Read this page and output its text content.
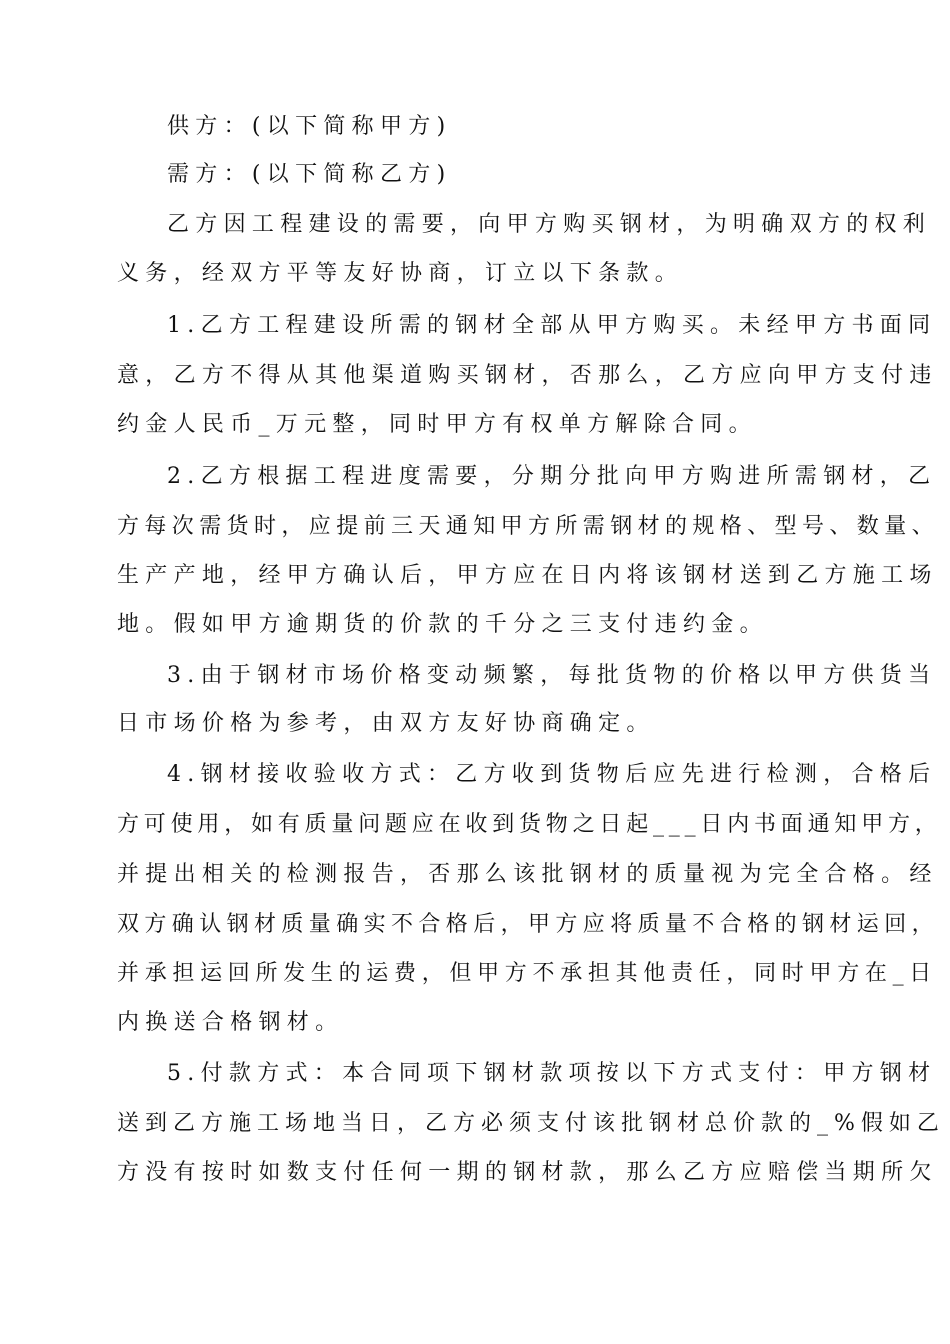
供方：(以下简称甲方)
需方：(以下简称乙方)
乙方因工程建设的需要，向甲方购买钢材，为明确双方的权利
义务，经双方平等友好协商，订立以下条款。
1.乙方工程建设所需的钢材全部从甲方购买。未经甲方书面同
意，乙方不得从其他渠道购买钢材，否那么，乙方应向甲方支付违
约金人民币_万元整，同时甲方有权单方解除合同。
2.乙方根据工程进度需要，分期分批向甲方购进所需钢材，乙
方每次需货时，应提前三天通知甲方所需钢材的规格、型号、数量、
生产产地，经甲方确认后，甲方应在日内将该钢材送到乙方施工场
地。假如甲方逾期货的价款的千分之三支付违约金。
3.由于钢材市场价格变动频繁，每批货物的价格以甲方供货当
日市场价格为参考，由双方友好协商确定。
4.钢材接收验收方式：乙方收到货物后应先进行检测，合格后
方可使用，如有质量问题应在收到货物之日起___日内书面通知甲方，
并提出相关的检测报告，否那么该批钢材的质量视为完全合格。经
双方确认钢材质量确实不合格后，甲方应将质量不合格的钢材运回，
并承担运回所发生的运费，但甲方不承担其他责任，同时甲方在_日
内换送合格钢材。
5.付款方式：本合同项下钢材款项按以下方式支付：甲方钢材
送到乙方施工场地当日，乙方必须支付该批钢材总价款的_%假如乙
方没有按时如数支付任何一期的钢材款，那么乙方应赔偿当期所欠
